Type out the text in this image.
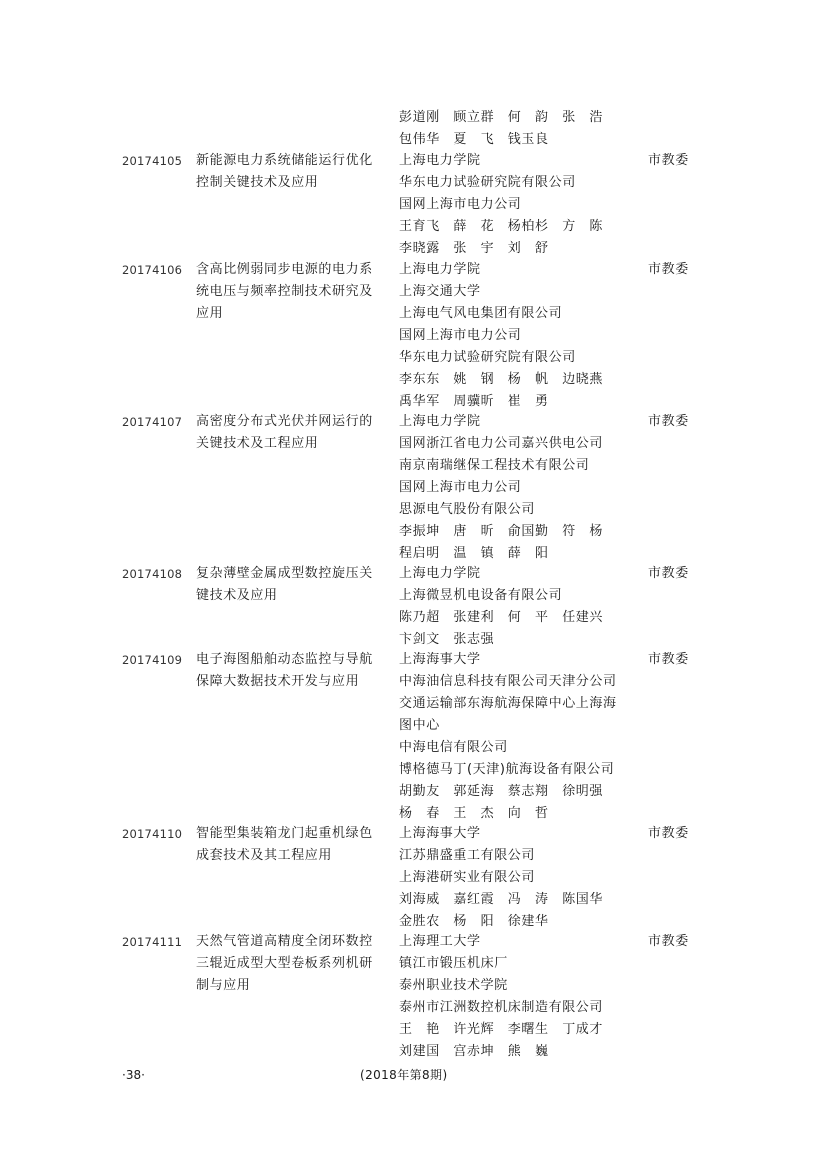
彭道刚　顾立群　何　韵　张　浩
包伟华　夏　飞　钱玉良
20174105 新能源电力系统储能运行优化
控制关键技术及应用
上海电力学院
华东电力试验研究院有限公司
国网上海市电力公司
王育飞　薛　花　杨柏杉　方　陈
李晓露　张　宇　刘　舒
市教委
20174106 含高比例弱同步电源的电力系
统电压与频率控制技术研究及
应用
上海电力学院
上海交通大学
上海电气风电集团有限公司
国网上海市电力公司
华东电力试验研究院有限公司
李东东　姚　钢　杨　帆　边晓燕
禹华军　周骥昕　崔　勇
市教委
20174107 高密度分布式光伏并网运行的
关键技术及工程应用
上海电力学院
国网浙江省电力公司嘉兴供电公司
南京南瑞继保工程技术有限公司
国网上海市电力公司
思源电气股份有限公司
李振坤　唐　昕　俞国勤　符　杨
程启明　温　镇　薛　阳
市教委
20174108 复杂薄壁金属成型数控旋压关
键技术及应用
上海电力学院
上海微昱机电设备有限公司
陈乃超　张建利　何　平　任建兴
卞剑文　张志强
市教委
20174109 电子海图船舶动态监控与导航
保障大数据技术开发与应用
上海海事大学
中海油信息科技有限公司天津分公司
交通运输部东海航海保障中心上海海
图中心
中海电信有限公司
博格德马丁(天津)航海设备有限公司
胡勤友　郭延海　蔡志翔　徐明强
杨　春　王　杰　向　哲
市教委
20174110 智能型集装箱龙门起重机绿色
成套技术及其工程应用
上海海事大学
江苏鼎盛重工有限公司
上海港研实业有限公司
刘海威　嘉红霞　冯　涛　陈国华
金胜农　杨　阳　徐建华
市教委
20174111 天然气管道高精度全闭环数控
三辊近成型大型卷板系列机研
制与应用
上海理工大学
镇江市锻压机床厂
泰州职业技术学院
泰州市江洲数控机床制造有限公司
王　艳　许光辉　李曙生　丁成才
刘建国　宫赤坤　熊　巍
市教委
·38·	(2018年第8期)
